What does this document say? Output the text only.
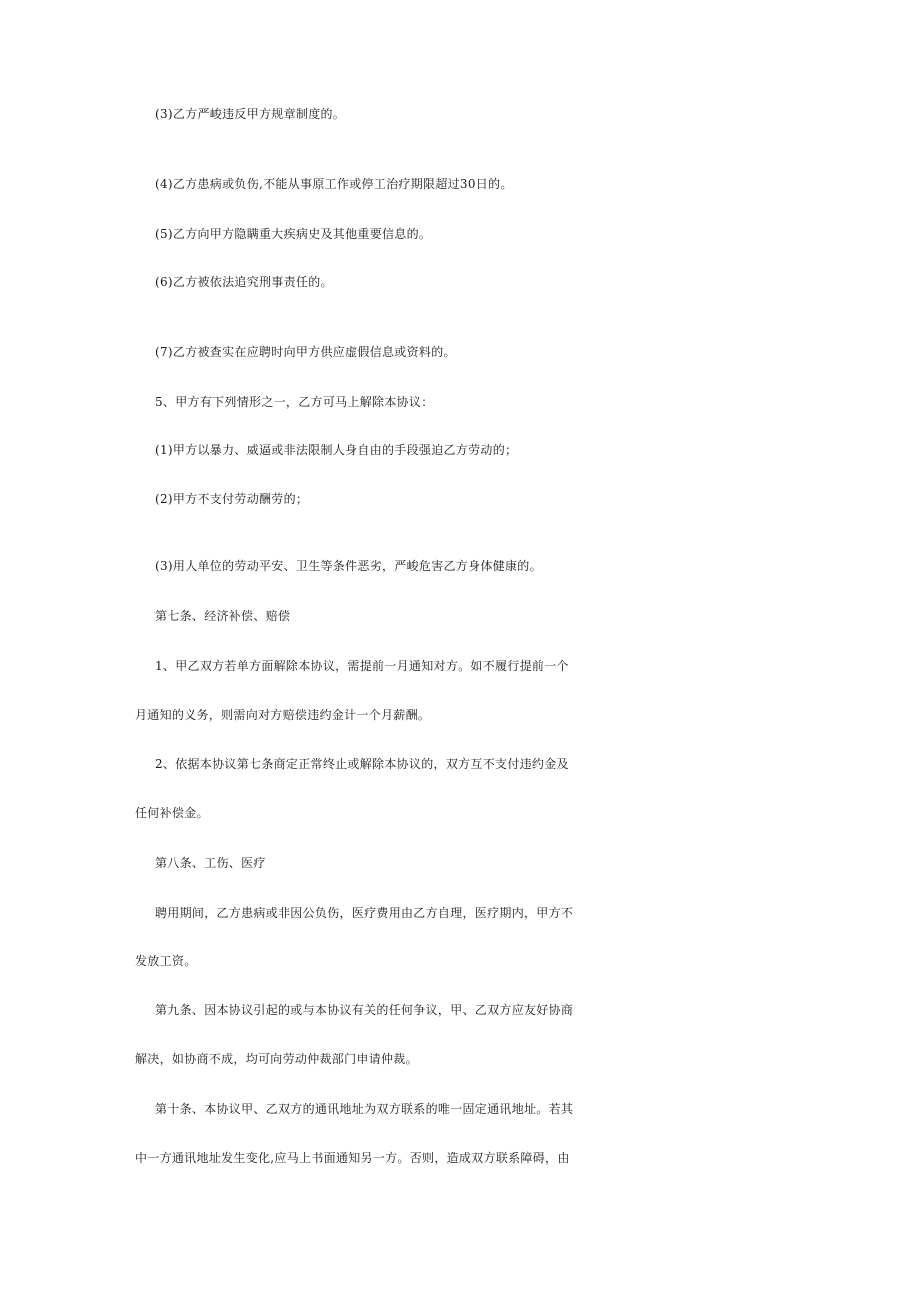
(3)乙方严峻违反甲方规章制度的。
(4)乙方患病或负伤,不能从事原工作或停工治疗期限超过30日的。
(5)乙方向甲方隐瞒重大疾病史及其他重要信息的。
(6)乙方被依法追究刑事责任的。
(7)乙方被查实在应聘时向甲方供应虚假信息或资料的。
5、甲方有下列情形之一，乙方可马上解除本协议：
(1)甲方以暴力、威逼或非法限制人身自由的手段强迫乙方劳动的；
(2)甲方不支付劳动酬劳的；
(3)用人单位的劳动平安、卫生等条件恶劣，严峻危害乙方身体健康的。
第七条、经济补偿、赔偿
1、甲乙双方若单方面解除本协议，需提前一月通知对方。如不履行提前一个
月通知的义务，则需向对方赔偿违约金计一个月薪酬。
2、依据本协议第七条商定正常终止或解除本协议的，双方互不支付违约金及
任何补偿金。
第八条、工伤、医疗
聘用期间，乙方患病或非因公负伤，医疗费用由乙方自理，医疗期内，甲方不
发放工资。
第九条、因本协议引起的或与本协议有关的任何争议，甲、乙双方应友好协商
解决，如协商不成，均可向劳动仲裁部门申请仲裁。
第十条、本协议甲、乙双方的通讯地址为双方联系的唯一固定通讯地址。若其
中一方通讯地址发生变化,应马上书面通知另一方。否则，造成双方联系障碍，由
